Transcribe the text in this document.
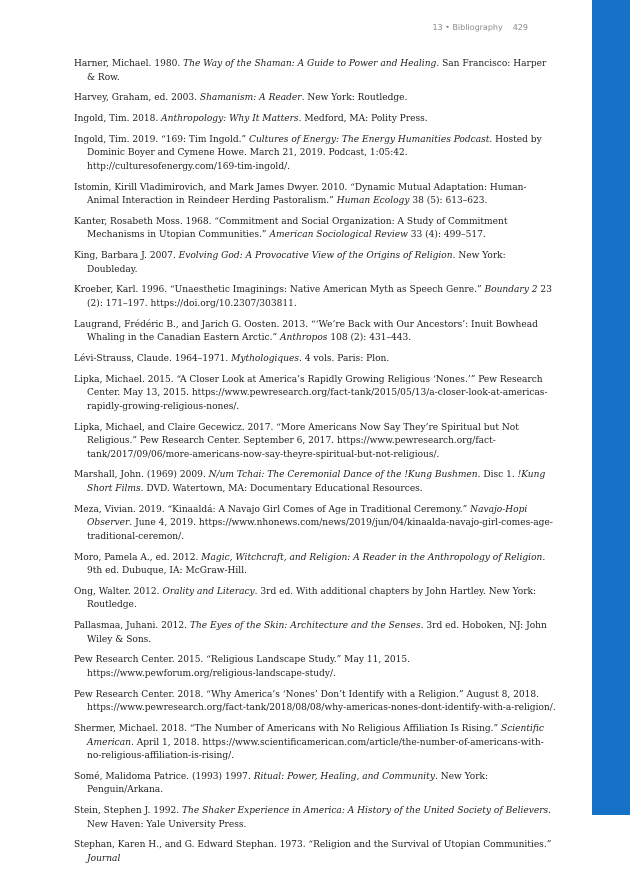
13 • Bibliography 429
Harner, Michael. 1980. The Way of the Shaman: A Guide to Power and Healing. San Francisco: Harper & Row.
Harvey, Graham, ed. 2003. Shamanism: A Reader. New York: Routledge.
Ingold, Tim. 2018. Anthropology: Why It Matters. Medford, MA: Polity Press.
Ingold, Tim. 2019. “169: Tim Ingold.” Cultures of Energy: The Energy Humanities Podcast. Hosted by Dominic Boyer and Cymene Howe. March 21, 2019. Podcast, 1:05:42. http://culturesofenergy.com/169-tim-ingold/.
Istomin, Kirill Vladimirovich, and Mark James Dwyer. 2010. “Dynamic Mutual Adaptation: Human-Animal Interaction in Reindeer Herding Pastoralism.” Human Ecology 38 (5): 613–623.
Kanter, Rosabeth Moss. 1968. “Commitment and Social Organization: A Study of Commitment Mechanisms in Utopian Communities.” American Sociological Review 33 (4): 499–517.
King, Barbara J. 2007. Evolving God: A Provocative View of the Origins of Religion. New York: Doubleday.
Kroeber, Karl. 1996. “Unaesthetic Imaginings: Native American Myth as Speech Genre.” Boundary 2 23 (2): 171–197. https://doi.org/10.2307/303811.
Laugrand, Frédéric B., and Jarich G. Oosten. 2013. “‘We’re Back with Our Ancestors’: Inuit Bowhead Whaling in the Canadian Eastern Arctic.” Anthropos 108 (2): 431–443.
Lévi-Strauss, Claude. 1964–1971. Mythologiques. 4 vols. Paris: Plon.
Lipka, Michael. 2015. “A Closer Look at America’s Rapidly Growing Religious ‘Nones.’” Pew Research Center. May 13, 2015. https://www.pewresearch.org/fact-tank/2015/05/13/a-closer-look-at-americas-rapidly-growing-religious-nones/.
Lipka, Michael, and Claire Gecewicz. 2017. “More Americans Now Say They’re Spiritual but Not Religious.” Pew Research Center. September 6, 2017. https://www.pewresearch.org/fact-tank/2017/09/06/more-americans-now-say-theyre-spiritual-but-not-religious/.
Marshall, John. (1969) 2009. N/um Tchai: The Ceremonial Dance of the !Kung Bushmen. Disc 1. !Kung Short Films. DVD. Watertown, MA: Documentary Educational Resources.
Meza, Vivian. 2019. “Kinaaldá: A Navajo Girl Comes of Age in Traditional Ceremony.” Navajo-Hopi Observer. June 4, 2019. https://www.nhonews.com/news/2019/jun/04/kinaalda-navajo-girl-comes-age-traditional-ceremon/.
Moro, Pamela A., ed. 2012. Magic, Witchcraft, and Religion: A Reader in the Anthropology of Religion. 9th ed. Dubuque, IA: McGraw-Hill.
Ong, Walter. 2012. Orality and Literacy. 3rd ed. With additional chapters by John Hartley. New York: Routledge.
Pallasmaa, Juhani. 2012. The Eyes of the Skin: Architecture and the Senses. 3rd ed. Hoboken, NJ: John Wiley & Sons.
Pew Research Center. 2015. “Religious Landscape Study.” May 11, 2015. https://www.pewforum.org/religious-landscape-study/.
Pew Research Center. 2018. “Why America’s ‘Nones’ Don’t Identify with a Religion.” August 8, 2018. https://www.pewresearch.org/fact-tank/2018/08/08/why-americas-nones-dont-identify-with-a-religion/.
Shermer, Michael. 2018. “The Number of Americans with No Religious Affiliation Is Rising.” Scientific American. April 1, 2018. https://www.scientificamerican.com/article/the-number-of-americans-with-no-religious-affiliation-is-rising/.
Somé, Malidoma Patrice. (1993) 1997. Ritual: Power, Healing, and Community. New York: Penguin/Arkana.
Stein, Stephen J. 1992. The Shaker Experience in America: A History of the United Society of Believers. New Haven: Yale University Press.
Stephan, Karen H., and G. Edward Stephan. 1973. “Religion and the Survival of Utopian Communities.” Journal
